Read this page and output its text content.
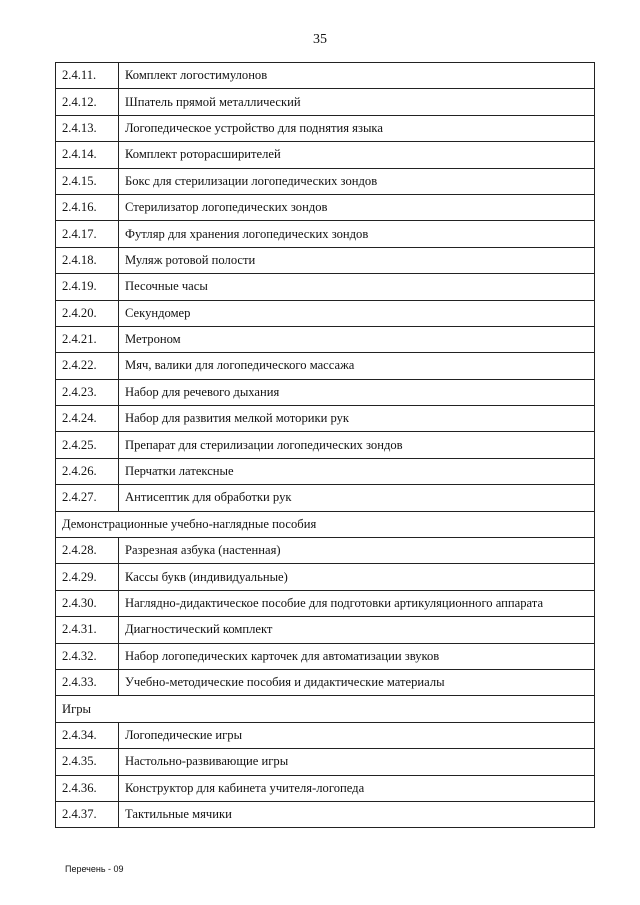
35
2.4.11.	Комплект логостимулонов
2.4.12.	Шпатель прямой металлический
2.4.13.	Логопедическое устройство для поднятия языка
2.4.14.	Комплект роторасширителей
2.4.15.	Бокс для стерилизации логопедических зондов
2.4.16.	Стерилизатор логопедических зондов
2.4.17.	Футляр для хранения логопедических зондов
2.4.18.	Муляж ротовой полости
2.4.19.	Песочные часы
2.4.20.	Секундомер
2.4.21.	Метроном
2.4.22.	Мяч, валики для логопедического массажа
2.4.23.	Набор для речевого дыхания
2.4.24.	Набор для развития мелкой моторики рук
2.4.25.	Препарат для стерилизации логопедических зондов
2.4.26.	Перчатки латексные
2.4.27.	Антисептик для обработки рук
Демонстрационные учебно-наглядные пособия	
2.4.28.	Разрезная азбука (настенная)
2.4.29.	Кассы букв (индивидуальные)
2.4.30.	Наглядно-дидактическое пособие для подготовки артикуляционного аппарата
2.4.31.	Диагностический комплект
2.4.32.	Набор логопедических карточек для автоматизации звуков
2.4.33.	Учебно-методические пособия и дидактические материалы
Игры	
2.4.34.	Логопедические игры
2.4.35.	Настольно-развивающие игры
2.4.36.	Конструктор для кабинета учителя-логопеда
2.4.37.	Тактильные мячики
Перечень - 09
